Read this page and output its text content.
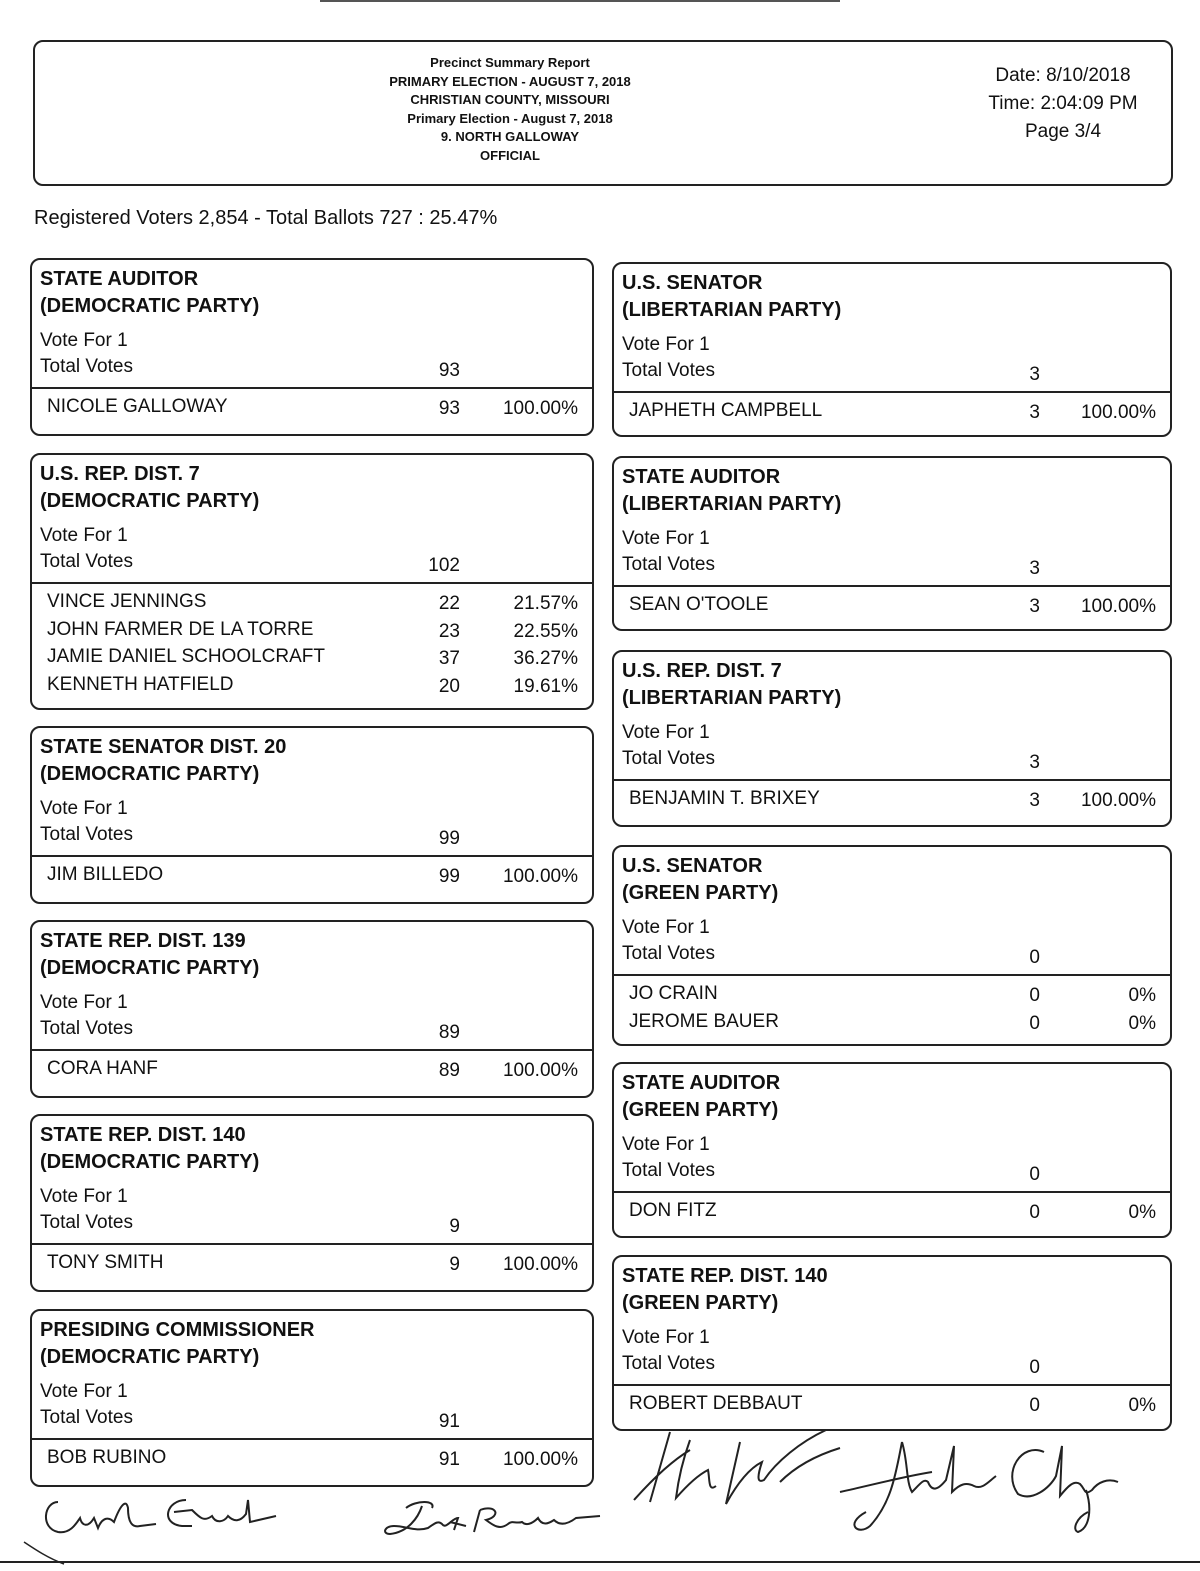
Precinct Summary Report
PRIMARY ELECTION - AUGUST 7, 2018
CHRISTIAN COUNTY, MISSOURI
Primary Election - August 7, 2018
9. NORTH GALLOWAY
OFFICIAL
Date: 8/10/2018
Time: 2:04:09 PM
Page 3/4
Registered Voters 2,854 - Total Ballots 727 : 25.47%
STATE AUDITOR
(DEMOCRATIC PARTY)
Vote For 1
Total Votes	93
NICOLE GALLOWAY	93 100.00%
U.S. REP. DIST. 7
(DEMOCRATIC PARTY)
Vote For 1
Total Votes	102
VINCE JENNINGS	22	21.57%
JOHN FARMER DE LA TORRE	23	22.55%
JAMIE DANIEL SCHOOLCRAFT	37	36.27%
KENNETH HATFIELD	20	19.61%
STATE SENATOR DIST. 20
(DEMOCRATIC PARTY)
Vote For 1
Total Votes	99
JIM BILLEDO	99 100.00%
STATE REP. DIST. 139
(DEMOCRATIC PARTY)
Vote For 1
Total Votes	89
CORA HANF	89 100.00%
STATE REP. DIST. 140
(DEMOCRATIC PARTY)
Vote For 1
Total Votes	9
TONY SMITH	9 100.00%
PRESIDING COMMISSIONER
(DEMOCRATIC PARTY)
Vote For 1
Total Votes	91
BOB RUBINO	91 100.00%
U.S. SENATOR
(LIBERTARIAN PARTY)
Vote For 1
Total Votes	3
JAPHETH CAMPBELL	3 100.00%
STATE AUDITOR
(LIBERTARIAN PARTY)
Vote For 1
Total Votes	3
SEAN O'TOOLE	3 100.00%
U.S. REP. DIST. 7
(LIBERTARIAN PARTY)
Vote For 1
Total Votes	3
BENJAMIN T. BRIXEY	3 100.00%
U.S. SENATOR
(GREEN PARTY)
Vote For 1
Total Votes	0
JO CRAIN	0	0%
JEROME BAUER	0	0%
STATE AUDITOR
(GREEN PARTY)
Vote For 1
Total Votes	0
DON FITZ	0	0%
STATE REP. DIST. 140
(GREEN PARTY)
Vote For 1
Total Votes	0
ROBERT DEBBAUT	0	0%
